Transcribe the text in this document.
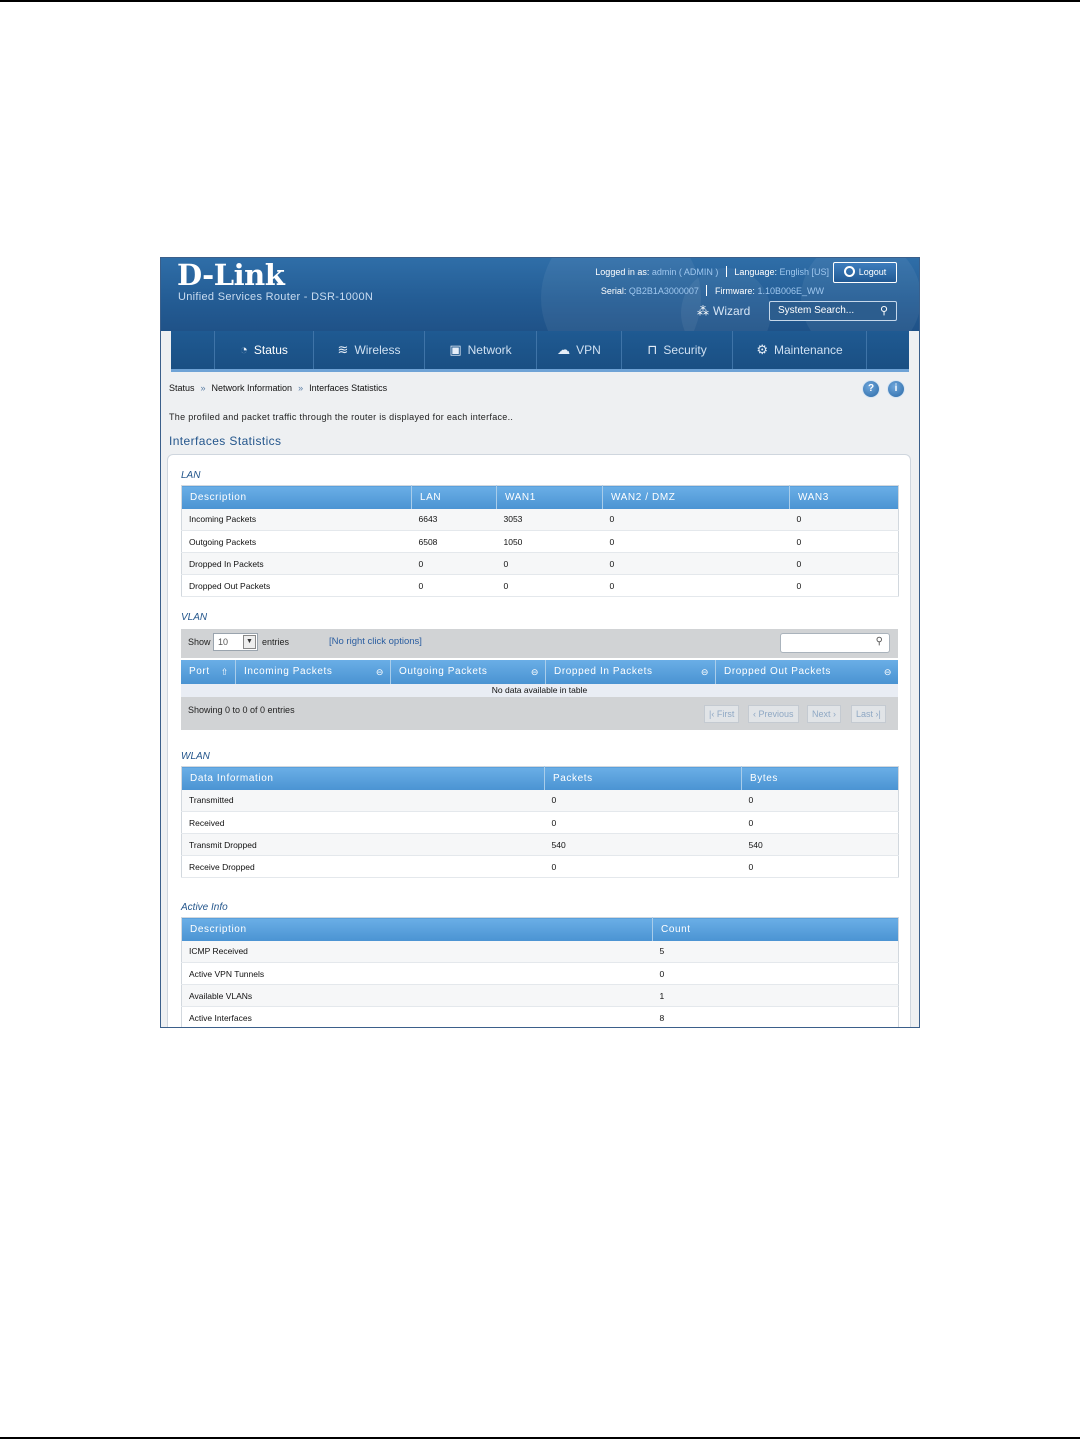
D-Link
Unified Services Router - DSR-1000N
Logged in as: admin ( ADMIN ) Language: English [US]
Serial: QB2B1A3000007 Firmware: 1.10B006E_WW
Logout
⁂ Wizard	System Search... ⚲
◔ Status	≋ Wireless	▣ Network	☁ VPN	⊓ Security	⚙ Maintenance
Status » Network Information » Interfaces Statistics	?	i
The profiled and packet traffic through the router is displayed for each interface..
Interfaces Statistics
LAN
Description	LAN	WAN1	WAN2 / DMZ	WAN3
Incoming Packets	6643	3053	0	0
Outgoing Packets	6508	1050	0	0
Dropped In Packets	0	0	0	0
Dropped Out Packets	0	0	0	0
VLAN
Show 10	▼	entries	[No right click options]	⚲
Port ⇧	Incoming Packets	⊖	Outgoing Packets	⊖	Dropped In Packets	⊖	Dropped Out Packets	⊖
No data available in table
Showing 0 to 0 of 0 entries	|‹ First	‹ Previous	Next ›	Last ›|
WLAN
Data Information	Packets	Bytes
Transmitted	0	0
Received	0	0
Transmit Dropped	540	540
Receive Dropped	0	0
Active Info
Description	Count
ICMP Received	5
Active VPN Tunnels	0
Available VLANs	1
Active Interfaces	8
